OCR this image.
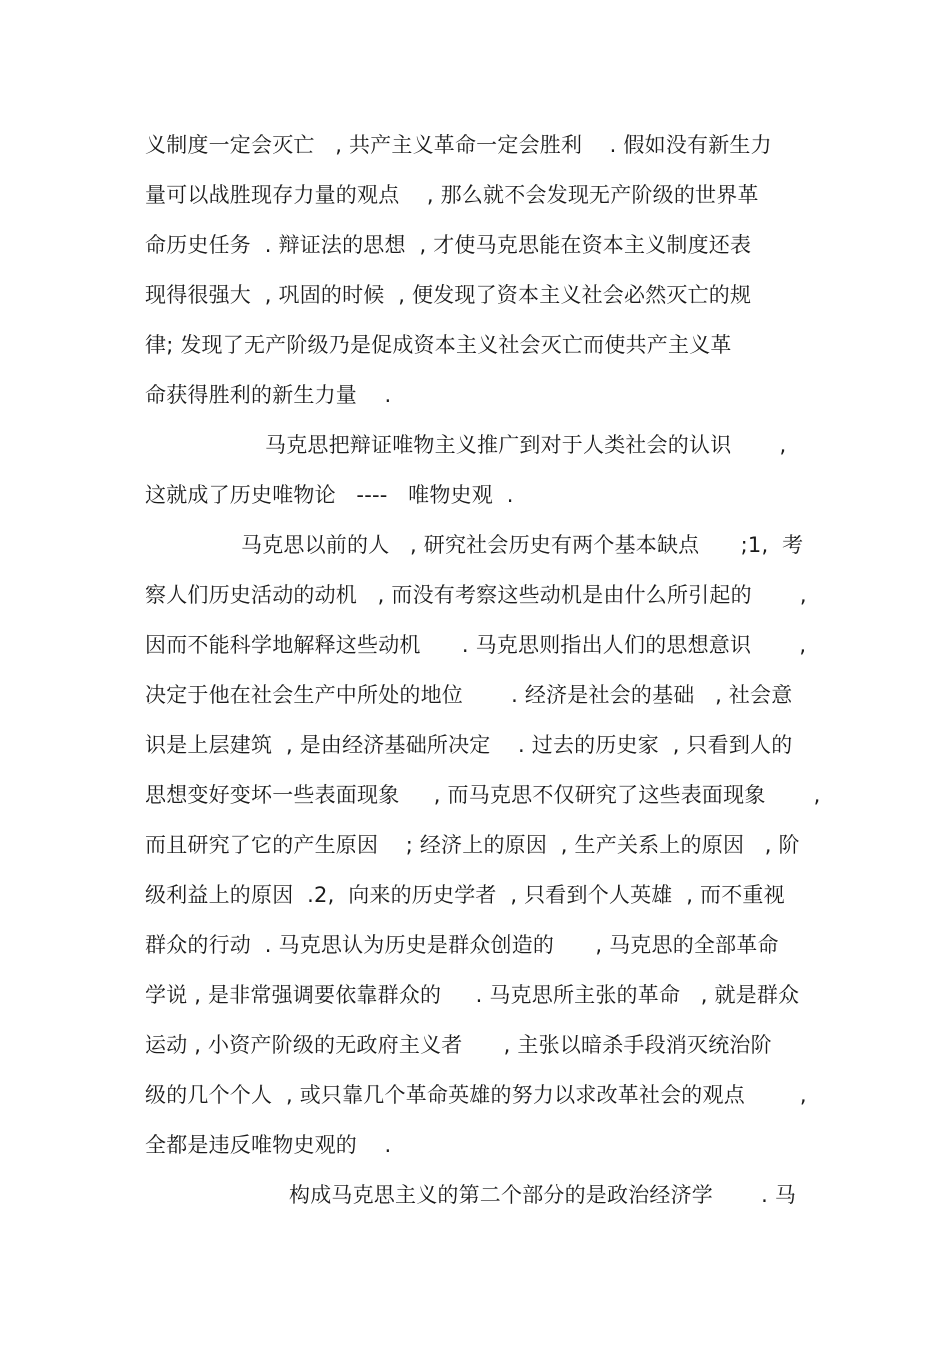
义制度一定会灭亡   , 共产主义革命一定会胜利    . 假如没有新生力
量可以战胜现存力量的观点    , 那么就不会发现无产阶级的世界革
命历史任务  . 辩证法的思想  , 才使马克思能在资本主义制度还表
现得很强大  , 巩固的时候  , 便发现了资本主义社会必然灭亡的规
律; 发现了无产阶级乃是促成资本主义社会灭亡而使共产主义革
命获得胜利的新生力量    .
马克思把辩证唯物主义推广到对于人类社会的认识       ,
这就成了历史唯物论   ----   唯物史观  .
马克思以前的人   , 研究社会历史有两个基本缺点      ;1,  考
察人们历史活动的动机   , 而没有考察这些动机是由什么所引起的       ,
因而不能科学地解释这些动机      . 马克思则指出人们的思想意识       ,
决定于他在社会生产中所处的地位       . 经济是社会的基础   , 社会意
识是上层建筑  , 是由经济基础所决定    . 过去的历史家  , 只看到人的
思想变好变坏一些表面现象     , 而马克思不仅研究了这些表面现象       ,
而且研究了它的产生原因    ; 经济上的原因  , 生产关系上的原因   , 阶
级利益上的原因  .2,  向来的历史学者  , 只看到个人英雄  , 而不重视
群众的行动  . 马克思认为历史是群众创造的      , 马克思的全部革命
学说 , 是非常强调要依靠群众的     . 马克思所主张的革命   , 就是群众
运动 , 小资产阶级的无政府主义者      , 主张以暗杀手段消灭统治阶
级的几个个人  , 或只靠几个革命英雄的努力以求改革社会的观点        ,
全都是违反唯物史观的    .
构成马克思主义的第二个部分的是政治经济学       . 马
